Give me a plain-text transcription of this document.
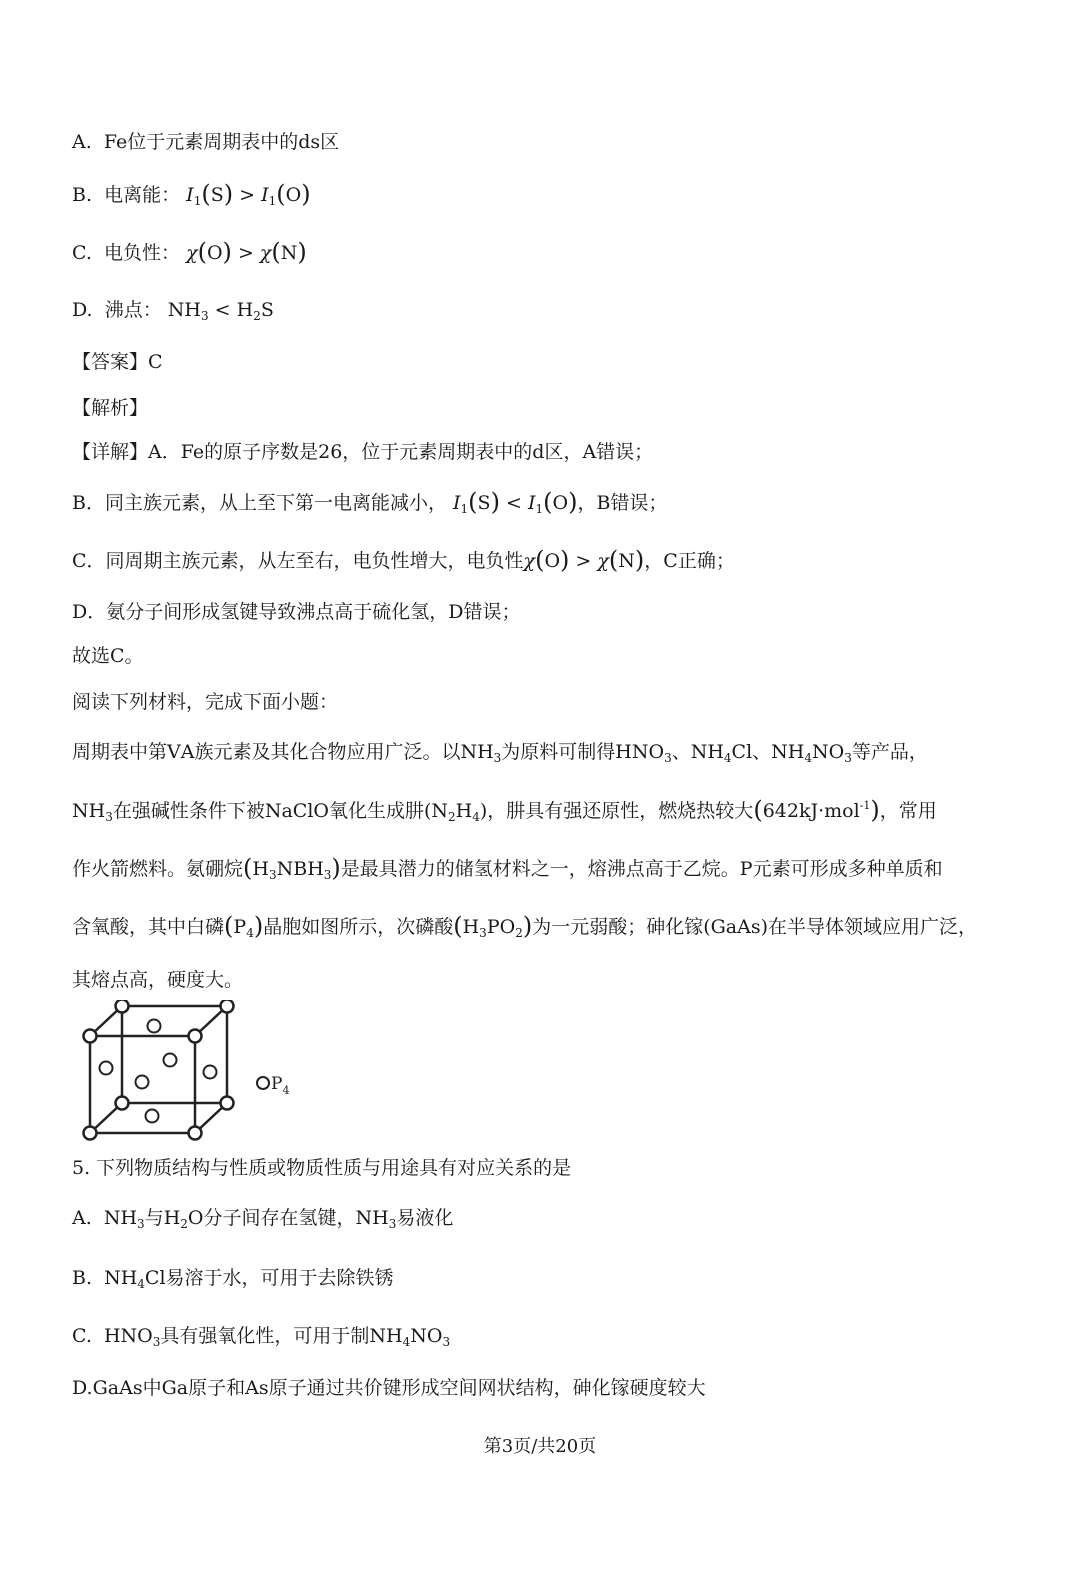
A. Fe位于元素周期表中的ds区
B. 电离能： $I_1(S) > I_1(O)$
C. 电负性： χ(O) > χ(N)
D. 沸点： $NH_3 < H_2S$
【答案】C
【解析】
【详解】A．Fe的原子序数是26，位于元素周期表中的d区，A错误；
B．同主族元素，从上至下第一电离能减小， $I_1(S) < I_1(O)$，B错误；
C．同周期主族元素，从左至右，电负性增大，电负性χ(O) > χ(N)，C正确；
D．氨分子间形成氢键导致沸点高于硫化氢，D错误；
故选C。
阅读下列材料，完成下面小题：
周期表中第ⅤA族元素及其化合物应用广泛。以$NH_3$为原料可制得$HNO_3$、$NH_4Cl$、$NH_4NO_3$等产品，
$NH_3$在强碱性条件下被NaClO氧化生成肼$(N_2H_4)$，肼具有强还原性，燃烧热较大(642kJ·mol$^{-1}$)，常用
作火箭燃料。氨硼烷$(H_3NBH_3)$是最具潜力的储氢材料之一，熔沸点高于乙烷。P元素可形成多种单质和
含氧酸，其中白磷$(P_4)$晶胞如图所示，次磷酸$(H_3PO_2)$为一元弱酸；砷化镓(GaAs)在半导体领域应用广泛，
其熔点高，硬度大。
$P_4$
5. 下列物质结构与性质或物质性质与用途具有对应关系的是
A.  $NH_3$与$H_2O$分子间存在氢键，$NH_3$易液化
B.  $NH_4Cl$易溶于水，可用于去除铁锈
C.  $HNO_3$具有强氧化性，可用于制$NH_4NO_3$
D.GaAs中Ga原子和As原子通过共价键形成空间网状结构，砷化镓硬度较大
第3页/共20页
